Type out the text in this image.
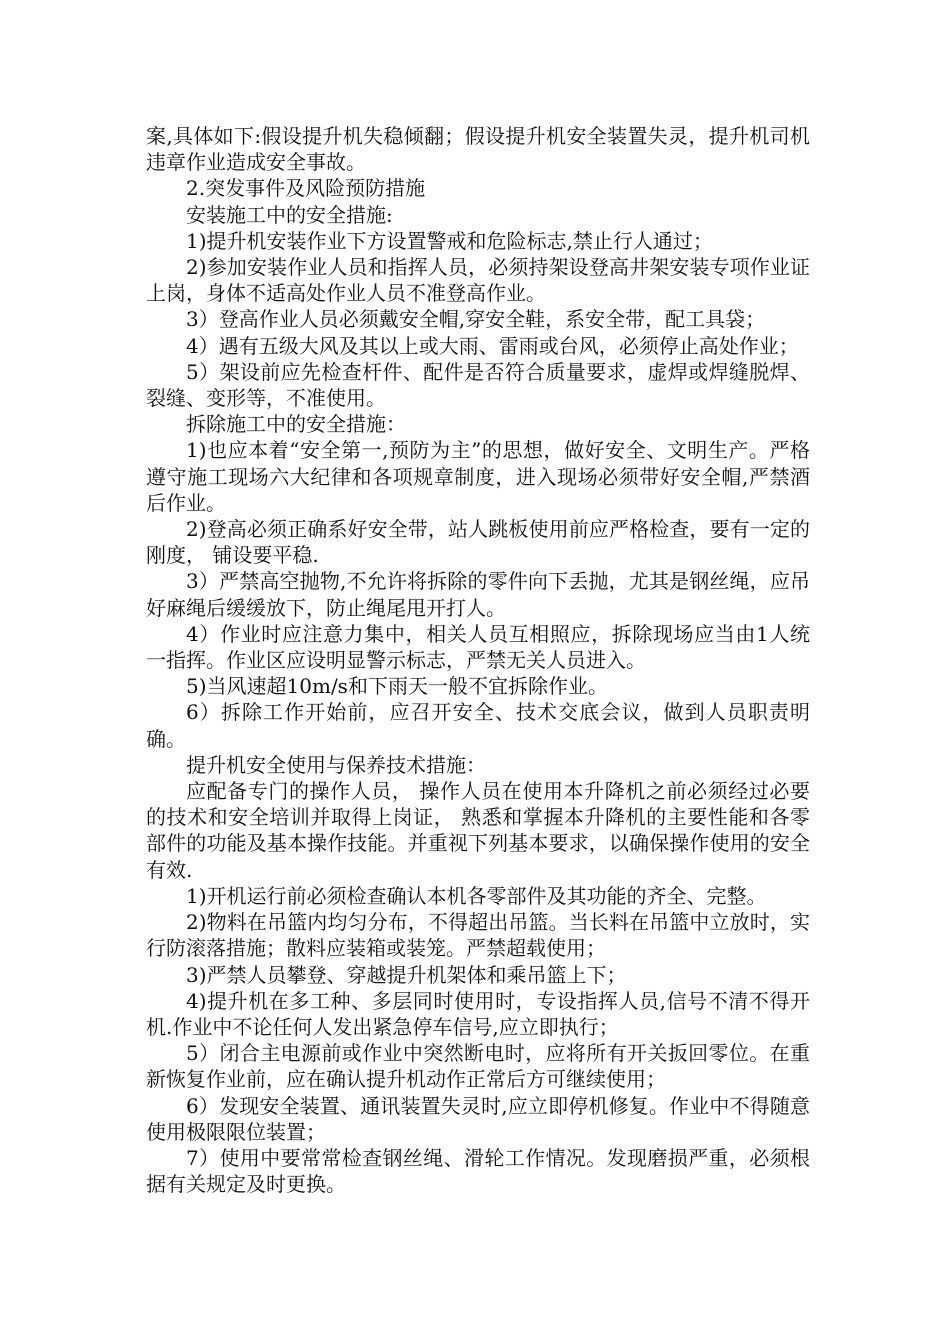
案,具体如下:假设提升机失稳倾翻；假设提升机安全装置失灵，提升机司机违章作业造成安全事故。

2.突发事件及风险预防措施

安装施工中的安全措施:

1)提升机安装作业下方设置警戒和危险标志,禁止行人通过；

2)参加安装作业人员和指挥人员，必须持架设登高井架安装专项作业证上岗，身体不适高处作业人员不准登高作业。

3）登高作业人员必须戴安全帽,穿安全鞋，系安全带，配工具袋；

4）遇有五级大风及其以上或大雨、雷雨或台风，必须停止高处作业；

5）架设前应先检查杆件、配件是否符合质量要求，虚焊或焊缝脱焊、裂缝、变形等，不准使用。

拆除施工中的安全措施：

1)也应本着“安全第一,预防为主”的思想，做好安全、文明生产。严格遵守施工现场六大纪律和各项规章制度，进入现场必须带好安全帽,严禁酒后作业。

2)登高必须正确系好安全带，站人跳板使用前应严格检查，要有一定的刚度， 铺设要平稳.

3）严禁高空抛物,不允许将拆除的零件向下丢抛，尤其是钢丝绳，应吊好麻绳后缓缓放下，防止绳尾甩开打人。

4）作业时应注意力集中，相关人员互相照应，拆除现场应当由1人统一指挥。作业区应设明显警示标志，严禁无关人员进入。

5)当风速超10m/s和下雨天一般不宜拆除作业。

6）拆除工作开始前，应召开安全、技术交底会议，做到人员职责明确。

提升机安全使用与保养技术措施：

应配备专门的操作人员， 操作人员在使用本升降机之前必须经过必要的技术和安全培训并取得上岗证， 熟悉和掌握本升降机的主要性能和各零部件的功能及基本操作技能。并重视下列基本要求，以确保操作使用的安全有效.

1)开机运行前必须检查确认本机各零部件及其功能的齐全、完整。

2)物料在吊篮内均匀分布，不得超出吊篮。当长料在吊篮中立放时，实行防滚落措施；散料应装箱或装笼。严禁超载使用；

3)严禁人员攀登、穿越提升机架体和乘吊篮上下；

4)提升机在多工种、多层同时使用时，专设指挥人员,信号不清不得开机.作业中不论任何人发出紧急停车信号,应立即执行；

5）闭合主电源前或作业中突然断电时，应将所有开关扳回零位。在重新恢复作业前，应在确认提升机动作正常后方可继续使用；

6）发现安全装置、通讯装置失灵时,应立即停机修复。作业中不得随意使用极限限位装置；

7）使用中要常常检查钢丝绳、滑轮工作情况。发现磨损严重，必须根据有关规定及时更换。
